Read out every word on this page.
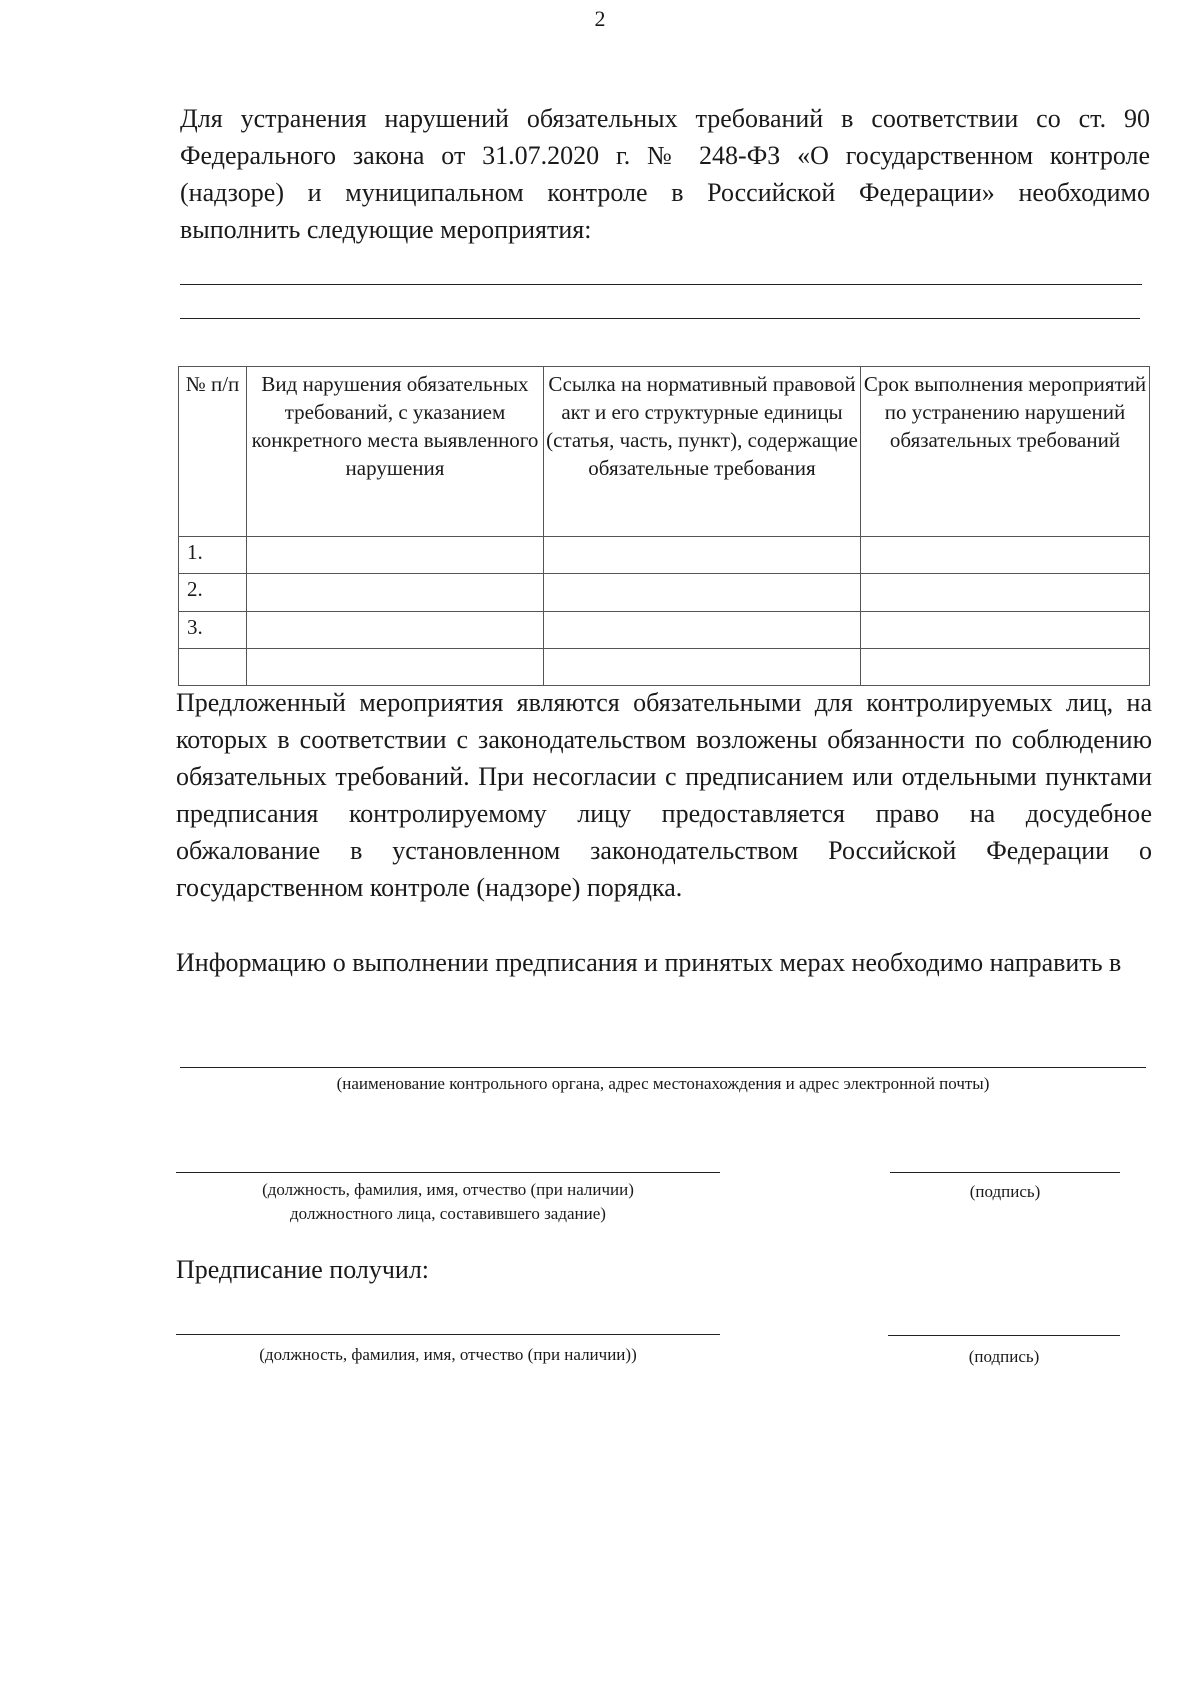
2
Для устранения нарушений обязательных требований в соответствии со ст. 90 Федерального закона от 31.07.2020 г. № 248-ФЗ «О государственном контроле (надзоре) и муниципальном контроле в Российской Федерации» необходимо выполнить следующие мероприятия:
№ п/п	Вид нарушения обязательных требований, с указанием конкретного места выявленного нарушения	Ссылка на нормативный правовой акт и его структурные единицы (статья, часть, пункт), содержащие обязательные требования	Срок выполнения мероприятий по устранению нарушений обязательных требований
1.			
2.			
3.			

Предложенный мероприятия являются обязательными для контролируемых лиц, на которых в соответствии с законодательством возложены обязанности по соблюдению обязательных требований. При несогласии с предписанием или отдельными пунктами предписания контролируемому лицу предоставляется право на досудебное обжалование в установленном законодательством Российской Федерации о государственном контроле (надзоре) порядка.
Информацию о выполнении предписания и принятых мерах необходимо направить в
(наименование контрольного органа, адрес местонахождения и адрес электронной почты)
(должность, фамилия, имя, отчество (при наличии)
должностного лица, составившего задание)
(подпись)
Предписание получил:
(должность, фамилия, имя, отчество (при наличии))	(подпись)
